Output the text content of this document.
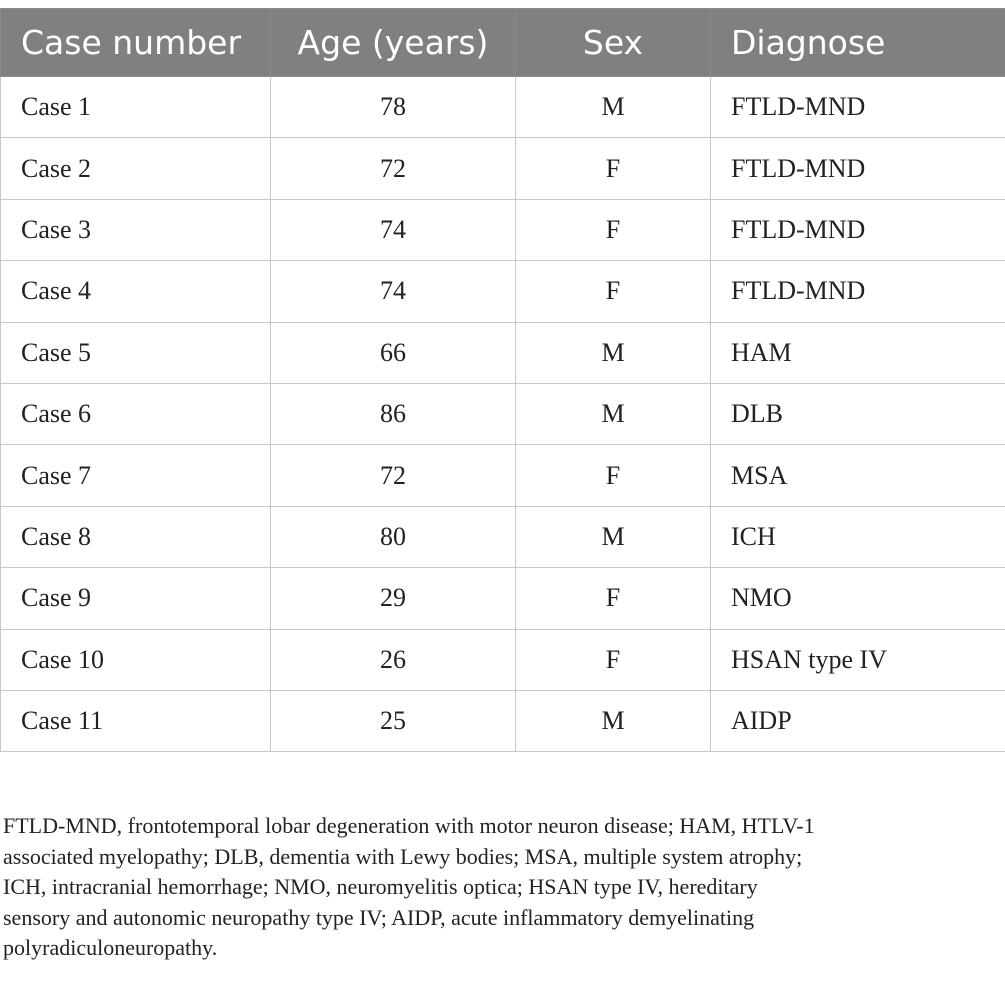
Case number	Age (years)	Sex	Diagnose
Case 1	78	M	FTLD-MND
Case 2	72	F	FTLD-MND
Case 3	74	F	FTLD-MND
Case 4	74	F	FTLD-MND
Case 5	66	M	HAM
Case 6	86	M	DLB
Case 7	72	F	MSA
Case 8	80	M	ICH
Case 9	29	F	NMO
Case 10	26	F	HSAN type IV
Case 11	25	M	AIDP
FTLD-MND, frontotemporal lobar degeneration with motor neuron disease; HAM, HTLV-1
associated myelopathy; DLB, dementia with Lewy bodies; MSA, multiple system atrophy;
ICH, intracranial hemorrhage; NMO, neuromyelitis optica; HSAN type IV, hereditary
sensory and autonomic neuropathy type IV; AIDP, acute inflammatory demyelinating
polyradiculoneuropathy.
